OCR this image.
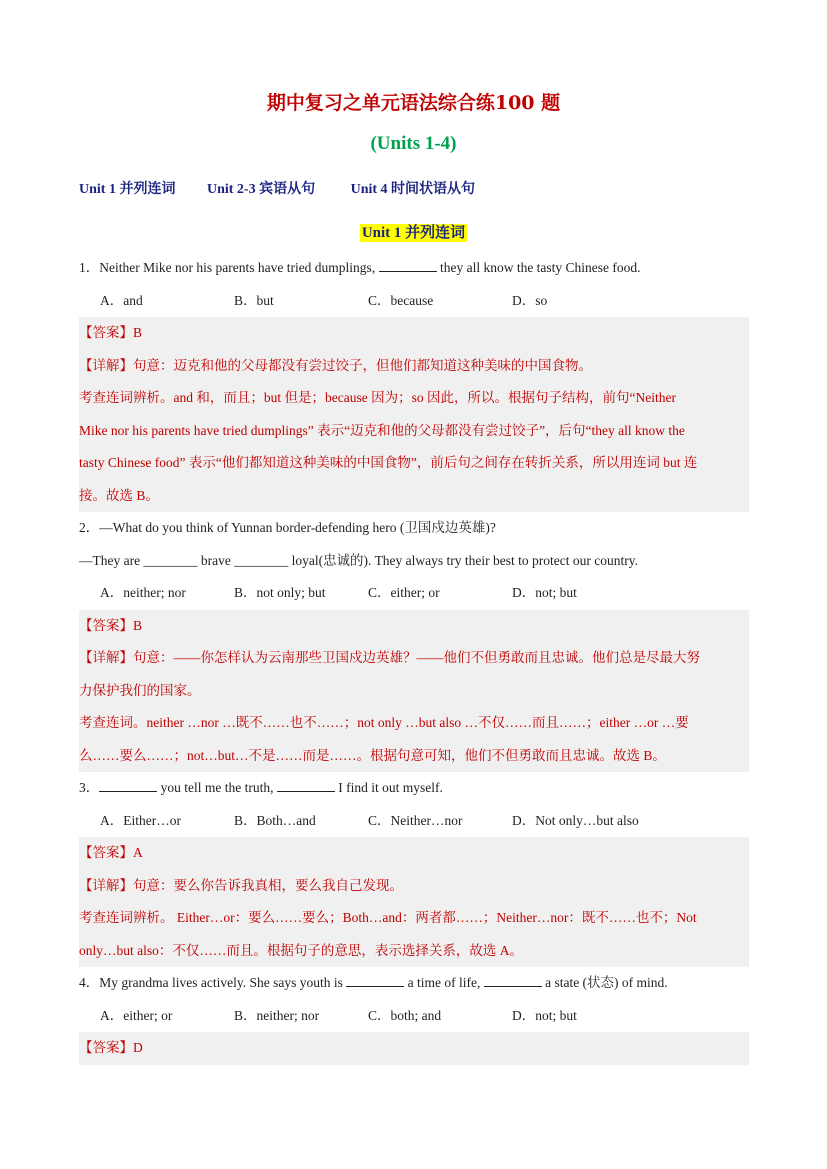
期中复习之单元语法综合练100 题
(Units 1-4)
Unit 1 并列连词 Unit 2-3 宾语从句	Unit 4 时间状语从句
Unit 1 并列连词
1．Neither Mike nor his parents have tried dumplings,	they all know the tasty Chinese food.
A．and	B．but	C．because	D．so
【答案】B
【详解】句意：迈克和他的父母都没有尝过饺子，但他们都知道这种美味的中国食物。
考查连词辨析。and 和，而且；but 但是；because 因为；so 因此，所以。根据句子结构，前句“Neither
Mike nor his parents have tried dumplings” 表示“迈克和他的父母都没有尝过饺子”，后句“they all know the
tasty Chinese food” 表示“他们都知道这种美味的中国食物”，前后句之间存在转折关系，所以用连词 but 连
接。故选 B。
2．—What do you think of Yunnan border-defending hero (卫国戍边英雄)?
—They are ________ brave ________ loyal(忠诚的). They always try their best to protect our country.
A．neither; nor	B．not only; but	C．either; or	D．not; but
【答案】B
【详解】句意：——你怎样认为云南那些卫国戍边英雄？——他们不但勇敢而且忠诚。他们总是尽最大努
力保护我们的国家。
考查连词。neither …nor …既不……也不……；not only …but also …不仅……而且……；either …or …要
么……要么……；not…but…不是……而是……。根据句意可知，他们不但勇敢而且忠诚。故选 B。
3．	you tell me the truth,	I find it out myself.
A．Either…or	B．Both…and	C．Neither…nor	D．Not only…but also
【答案】A
【详解】句意：要么你告诉我真相，要么我自己发现。
考查连词辨析。 Either…or：要么……要么；Both…and：两者都……；Neither…nor：既不……也不；Not
only…but also：不仅……而且。根据句子的意思，表示选择关系，故选 A。
4．My grandma lives actively. She says youth is	a time of life,	a state (状态) of mind.
A．either; or	B．neither; nor	C．both; and	D．not; but
【答案】D
